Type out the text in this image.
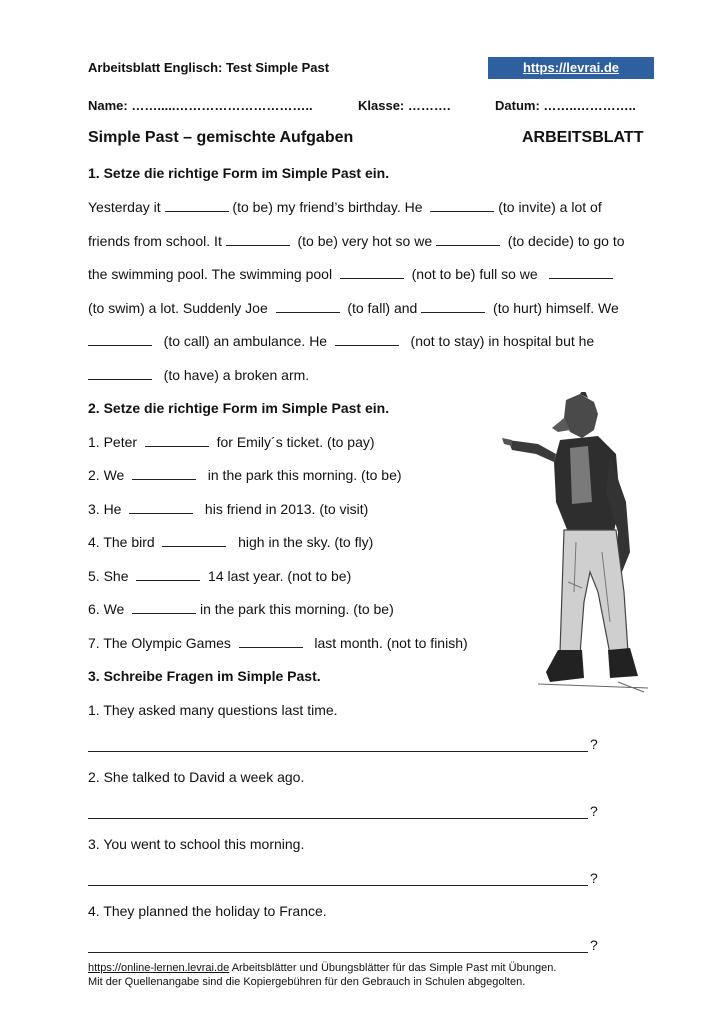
Arbeitsblatt Englisch: Test Simple Past	https://levrai.de
Name: …….....…………………………..	Klasse: ……….	Datum: ……..…………..
Simple Past – gemischte Aufgaben	ARBEITSBLATT
1. Setze die richtige Form im Simple Past ein.
Yesterday it	(to be) my friend’s birthday. He	(to invite) a lot of
friends from school. It	(to be) very hot so we	(to decide) to go to
the swimming pool. The swimming pool	(not to be) full so we
(to swim) a lot. Suddenly Joe	(to fall) and	(to hurt) himself. We
(to call) an ambulance. He	(not to stay) in hospital but he
(to have) a broken arm.
2. Setze die richtige Form im Simple Past ein.
1. Peter	for Emily´s ticket. (to pay)
2. We	in the park this morning. (to be)
3. He	his friend in 2013. (to visit)
4. The bird	high in the sky. (to fly)
5. She	14 last year. (not to be)
6. We	in the park this morning. (to be)
7. The Olympic Games	last month. (not to finish)
3. Schreibe Fragen im Simple Past.
1. They asked many questions last time.
?
2. She talked to David a week ago.
?
3. You went to school this morning.
?
4. They planned the holiday to France.
?
https://online-lernen.levrai.de Arbeitsblätter und Übungsblätter für das Simple Past mit Übungen.
Mit der Quellenangabe sind die Kopiergebühren für den Gebrauch in Schulen abgegolten.
